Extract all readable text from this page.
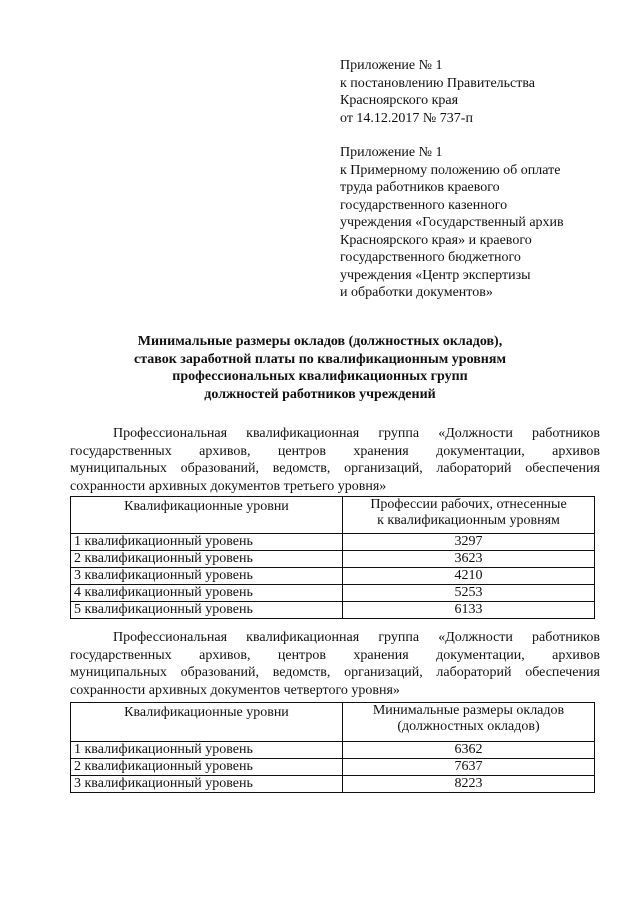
Приложение № 1
к постановлению Правительства
Красноярского края
от 14.12.2017 № 737-п
Приложение № 1
к Примерному положению об оплате
труда работников краевого
государственного казенного
учреждения «Государственный архив
Красноярского края» и краевого
государственного бюджетного
учреждения «Центр экспертизы
и обработки документов»
Минимальные размеры окладов (должностных окладов),
ставок заработной платы по квалификационным уровням
профессиональных квалификационных групп
должностей работников учреждений
Профессиональная квалификационная группа «Должности работников
государственных архивов, центров хранения документации, архивов
муниципальных образований, ведомств, организаций, лабораторий обеспечения
сохранности архивных документов третьего уровня»
Квалификационные уровни	Профессии рабочих, отнесенные
к квалификационным уровням

1 квалификационный уровень	3297
2 квалификационный уровень	3623
3 квалификационный уровень	4210
4 квалификационный уровень	5253
5 квалификационный уровень	6133
Профессиональная квалификационная группа «Должности работников
государственных архивов, центров хранения документации, архивов
муниципальных образований, ведомств, организаций, лабораторий обеспечения
сохранности архивных документов четвертого уровня»
Квалификационные уровни	Минимальные размеры окладов
(должностных окладов)

1 квалификационный уровень	6362
2 квалификационный уровень	7637
3 квалификационный уровень	8223
